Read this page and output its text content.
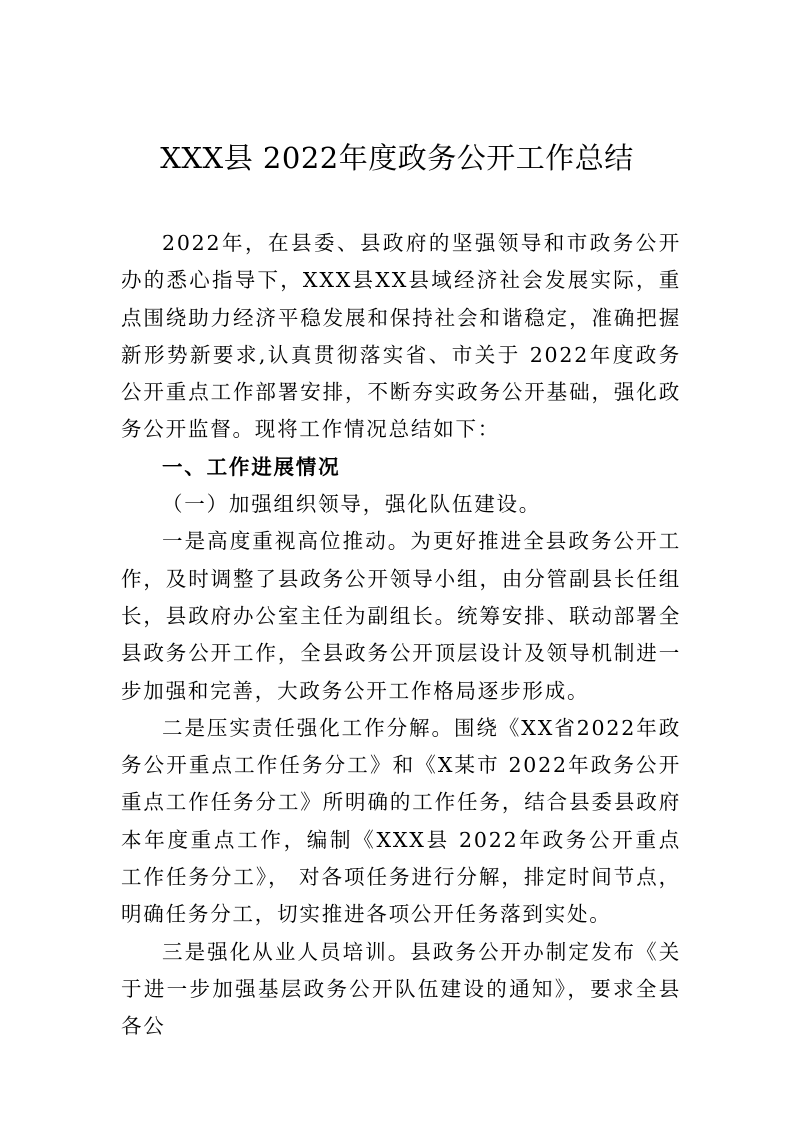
XXX县 2022年度政务公开工作总结

2022年，在县委、县政府的坚强领导和市政务公开办的悉心指导下，XXX县XX县域经济社会发展实际，重点围绕助力经济平稳发展和保持社会和谐稳定，准确把握新形势新要求,认真贯彻落实省、市关于 2022年度政务公开重点工作部署安排，不断夯实政务公开基础，强化政务公开监督。现将工作情况总结如下：

一、工作进展情况

（一）加强组织领导，强化队伍建设。

一是高度重视高位推动。为更好推进全县政务公开工作，及时调整了县政务公开领导小组，由分管副县长任组长，县政府办公室主任为副组长。统筹安排、联动部署全县政务公开工作，全县政务公开顶层设计及领导机制进一步加强和完善，大政务公开工作格局逐步形成。

二是压实责任强化工作分解。围绕《XX省2022年政务公开重点工作任务分工》和《X某市 2022年政务公开重点工作任务分工》所明确的工作任务，结合县委县政府本年度重点工作，编制《XXX县 2022年政务公开重点工作任务分工》， 对各项任务进行分解，排定时间节点，明确任务分工，切实推进各项公开任务落到实处。

三是强化从业人员培训。县政务公开办制定发布《关于进一步加强基层政务公开队伍建设的通知》，要求全县各公
